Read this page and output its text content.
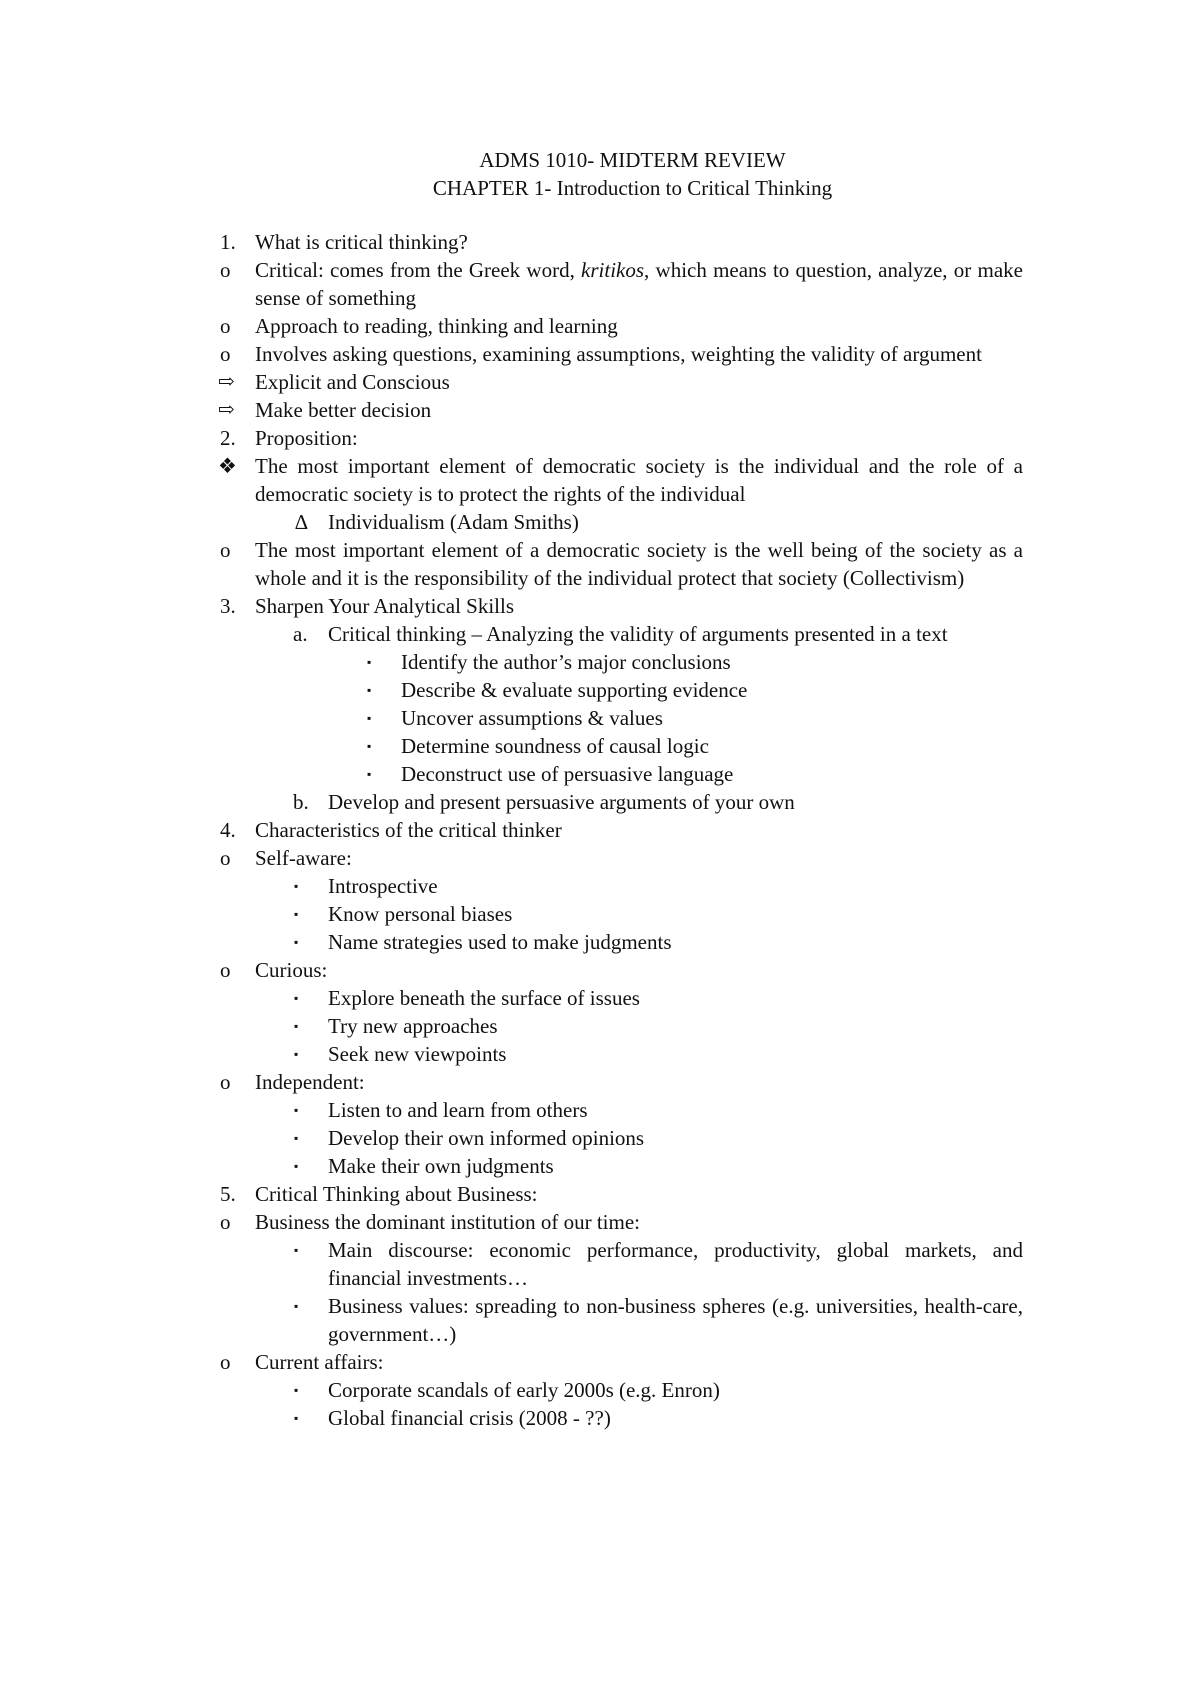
ADMS 1010- MIDTERM REVIEW
CHAPTER 1- Introduction to Critical Thinking
1. What is critical thinking?
o Critical: comes from the Greek word, kritikos, which means to question, analyze, or make sense of something
o Approach to reading, thinking and learning
o Involves asking questions, examining assumptions, weighting the validity of argument
⇨ Explicit and Conscious
⇨ Make better decision
2. Proposition:
❖ The most important element of democratic society is the individual and the role of a democratic society is to protect the rights of the individual
∆ Individualism (Adam Smiths)
o The most important element of a democratic society is the well being of the society as a whole and it is the responsibility of the individual protect that society (Collectivism)
3. Sharpen Your Analytical Skills
a. Critical thinking – Analyzing the validity of arguments presented in a text
▪ Identify the author’s major conclusions
▪ Describe & evaluate supporting evidence
▪ Uncover assumptions & values
▪ Determine soundness of causal logic
▪ Deconstruct use of persuasive language
b. Develop and present persuasive arguments of your own
4. Characteristics of the critical thinker
o Self-aware:
▪ Introspective
▪ Know personal biases
▪ Name strategies used to make judgments
o Curious:
▪ Explore beneath the surface of issues
▪ Try new approaches
▪ Seek new viewpoints
o Independent:
▪ Listen to and learn from others
▪ Develop their own informed opinions
▪ Make their own judgments
5. Critical Thinking about Business:
o Business the dominant institution of our time:
▪ Main discourse: economic performance, productivity, global markets, and financial investments…
▪ Business values: spreading to non-business spheres (e.g. universities, health-care, government…)
o Current affairs:
▪ Corporate scandals of early 2000s (e.g. Enron)
▪ Global financial crisis (2008 - ??)
